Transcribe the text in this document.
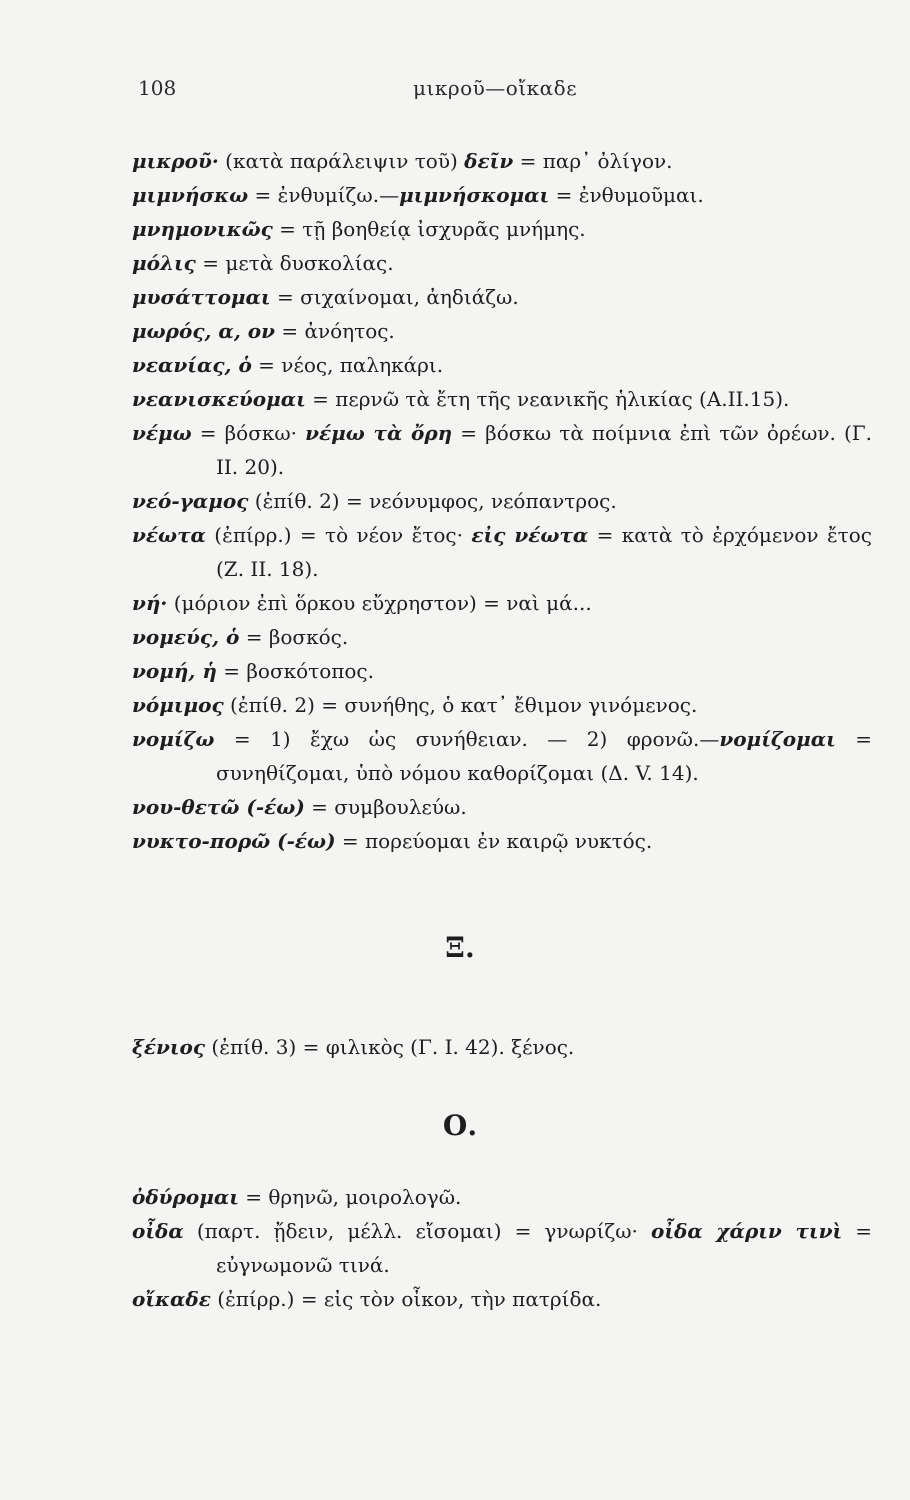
108	μικροῦ—οἴκαδε
μικροῦ· (κατὰ παράλειψιν τοῦ) δεῖν = παρ᾽ ὀλίγον.
μιμνήσκω = ἐνθυμίζω.—μιμνήσκομαι = ἐνθυμοῦμαι.
μνημονικῶς = τῇ βοηθείᾳ ἰσχυρᾶς μνήμης.
μόλις = μετὰ δυσκολίας.
μυσάττομαι = σιχαίνομαι, ἀηδιάζω.
μωρός, α, ον = ἀνόητος.
νεανίας, ὁ = νέος, παληκάρι.
νεανισκεύομαι = περνῶ τὰ ἔτη τῆς νεανικῆς ἡλικίας (Α.ΙΙ.15).
νέμω = βόσκω· νέμω τὰ ὄρη = βόσκω τὰ ποίμνια ἐπὶ τῶν ὀρέων. (Γ. ΙΙ. 20).
νεό-γαμος (ἐπίθ. 2) = νεόνυμφος, νεόπαντρος.
νέωτα (ἐπίρρ.) = τὸ νέον ἔτος· εἰς νέωτα = κατὰ τὸ ἐρχόμενον ἔτος (Ζ. ΙΙ. 18).
νή· (μόριον ἐπὶ ὅρκου εὔχρηστον) = ναὶ μά...
νομεύς, ὁ = βοσκός.
νομή, ἡ = βοσκότοπος.
νόμιμος (ἐπίθ. 2) = συνήθης, ὁ κατ᾽ ἔθιμον γινόμενος.
νομίζω = 1) ἔχω ὡς συνήθειαν. — 2) φρονῶ.—νομίζομαι = συνηθίζομαι, ὑπὸ νόμου καθορίζομαι (Δ. V. 14).
νου-θετῶ (-έω) = συμβουλεύω.
νυκτο-πορῶ (-έω) = πορεύομαι ἐν καιρῷ νυκτός.
Ξ.
ξένιος (ἐπίθ. 3) = φιλικὸς (Γ. Ι. 42). ξένος.
Ο.
ὀδύρομαι = θρηνῶ, μοιρολογῶ.
οἶδα (παρτ. ᾔδειν, μέλλ. εἴσομαι) = γνωρίζω· οἶδα χάριν τινὶ = εὐγνωμονῶ τινά.
οἴκαδε (ἐπίρρ.) = εἰς τὸν οἶκον, τὴν πατρίδα.
